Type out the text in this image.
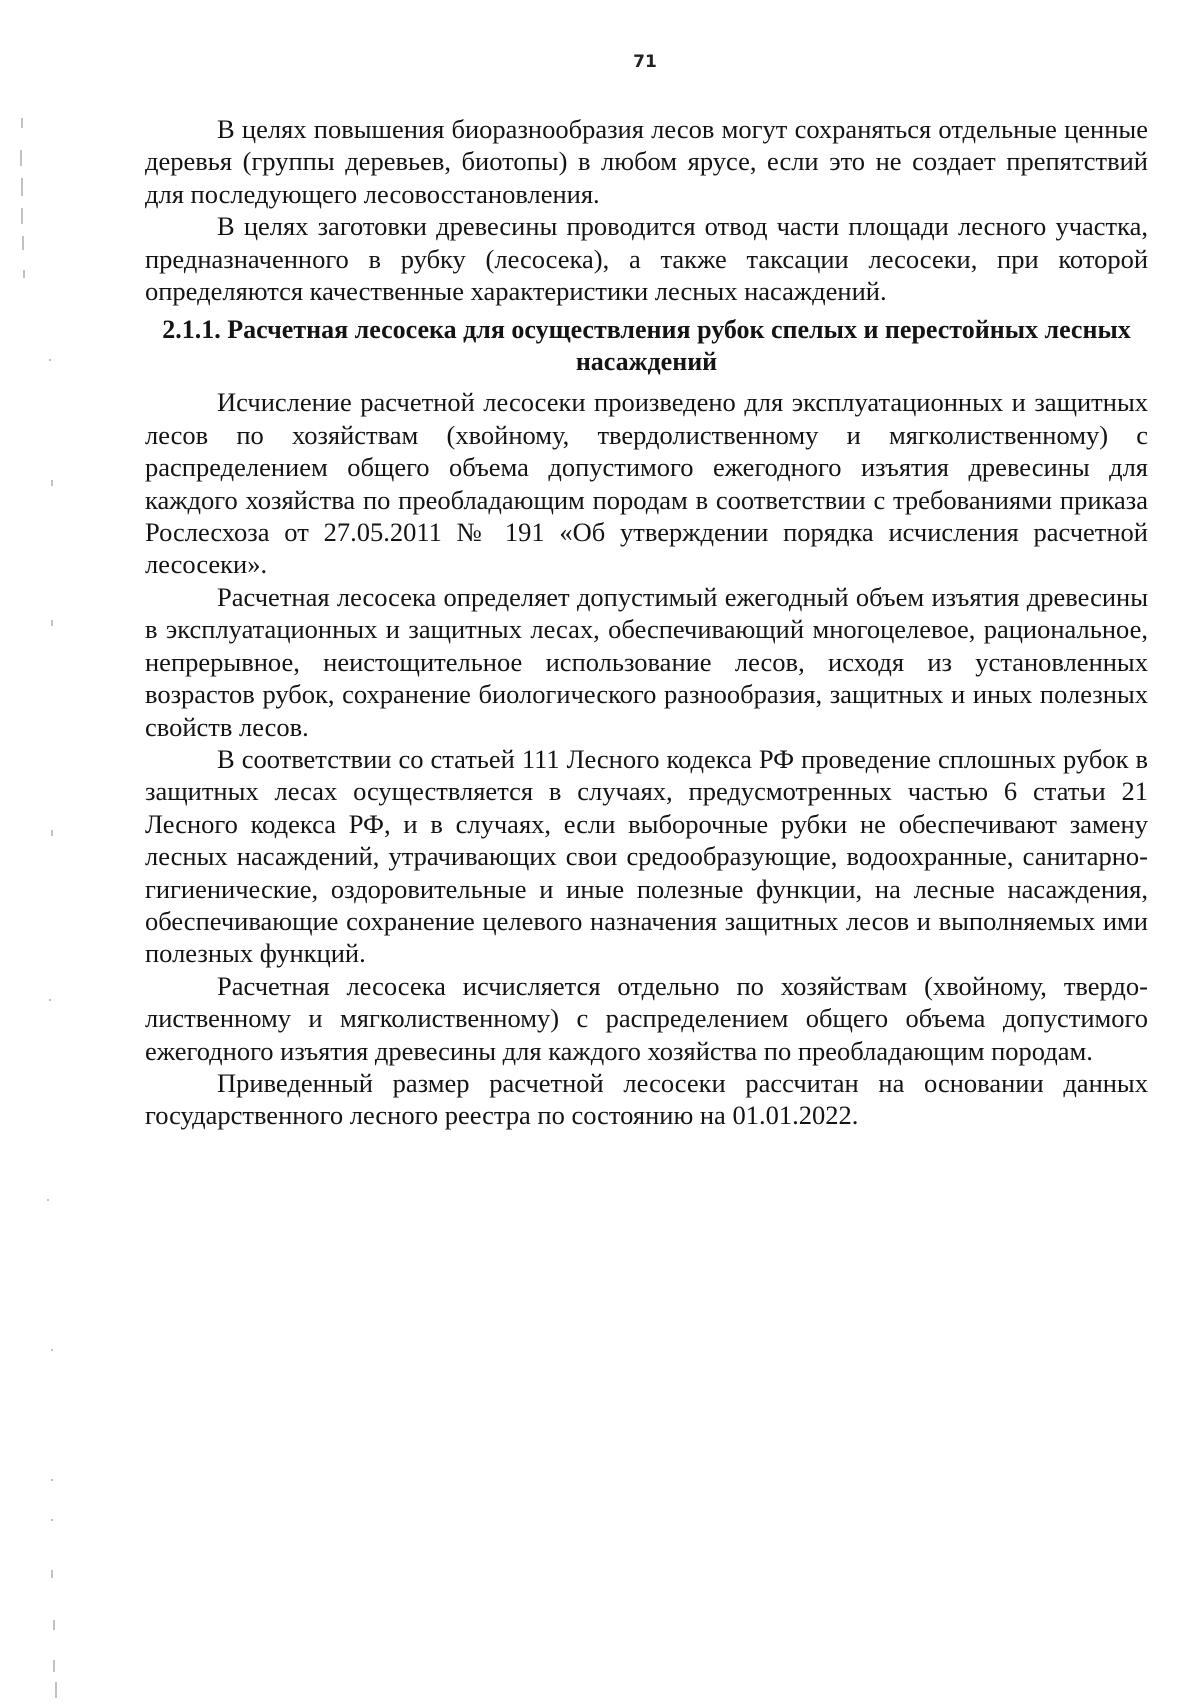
71

В целях повышения биоразнообразия лесов могут сохраняться отдельные ценные деревья (группы деревьев, биотопы) в любом ярусе, если это не создает препятствий для последующего лесовосстановления.

В целях заготовки древесины проводится отвод части площади лесного участка, предназначенного в рубку (лесосека), а также таксации лесосеки, при которой определяются качественные характеристики лесных насаждений.

2.1.1. Расчетная лесосека для осуществления рубок спелых и перестойных лесных насаждений

Исчисление расчетной лесосеки произведено для эксплуатационных и защитных лесов по хозяйствам (хвойному, твердолиственному и мягколиственному) с распределением общего объема допустимого ежегодного изъятия древесины для каждого хозяйства по преобладающим породам в соответствии с требованиями приказа Рослесхоза от 27.05.2011 № 191 «Об утверждении порядка исчисления расчетной лесосеки».

Расчетная лесосека определяет допустимый ежегодный объем изъятия древесины в эксплуатационных и защитных лесах, обеспечивающий многоцелевое, рациональное, непрерывное, неистощительное использование лесов, исходя из установленных возрастов рубок, сохранение биологического разнообразия, защитных и иных полезных свойств лесов.

В соответствии со статьей 111 Лесного кодекса РФ проведение сплошных рубок в защитных лесах осуществляется в случаях, предусмотренных частью 6 статьи 21 Лесного кодекса РФ, и в случаях, если выборочные рубки не обеспечивают замену лесных насаждений, утрачивающих свои средообразующие, водоохранные, санитарно-гигиенические, оздоровительные и иные полезные функции, на лесные насаждения, обеспечивающие сохранение целевого назначения защитных лесов и выполняемых ими полезных функций.

Расчетная лесосека исчисляется отдельно по хозяйствам (хвойному, твердолиственному и мягколиственному) с распределением общего объема допустимого ежегодного изъятия древесины для каждого хозяйства по преобладающим породам.

Приведенный размер расчетной лесосеки рассчитан на основании данных государственного лесного реестра по состоянию на 01.01.2022.
